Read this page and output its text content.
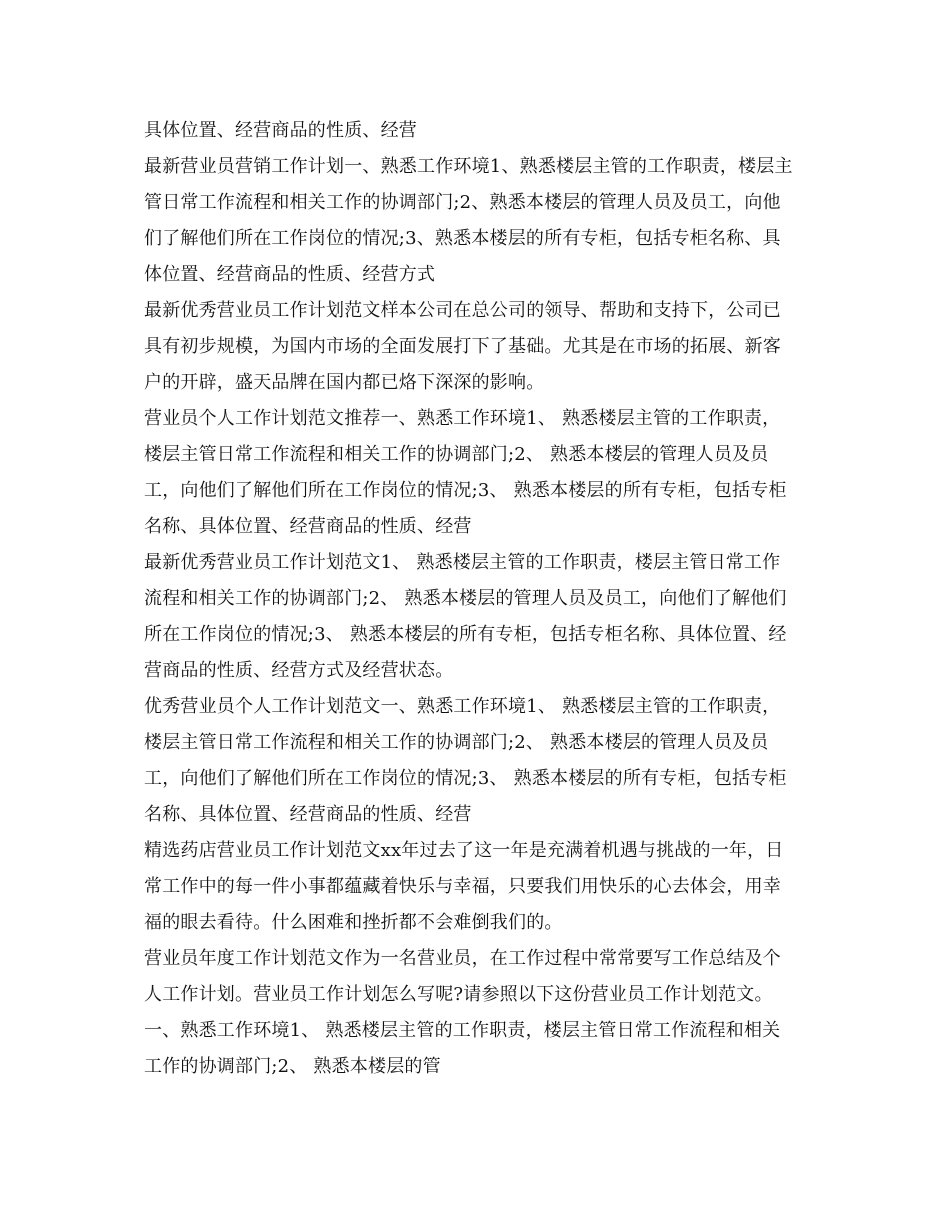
具体位置、经营商品的性质、经营
最新营业员营销工作计划一、熟悉工作环境1、熟悉楼层主管的工作职责，楼层主
管日常工作流程和相关工作的协调部门;2、熟悉本楼层的管理人员及员工，向他
们了解他们所在工作岗位的情况;3、熟悉本楼层的所有专柜，包括专柜名称、具
体位置、经营商品的性质、经营方式
最新优秀营业员工作计划范文样本公司在总公司的领导、帮助和支持下，公司已
具有初步规模，为国内市场的全面发展打下了基础。尤其是在市场的拓展、新客
户的开辟，盛天品牌在国内都已烙下深深的影响。
营业员个人工作计划范文推荐一、熟悉工作环境1、 熟悉楼层主管的工作职责，
楼层主管日常工作流程和相关工作的协调部门;2、 熟悉本楼层的管理人员及员
工，向他们了解他们所在工作岗位的情况;3、 熟悉本楼层的所有专柜，包括专柜
名称、具体位置、经营商品的性质、经营
最新优秀营业员工作计划范文1、 熟悉楼层主管的工作职责，楼层主管日常工作
流程和相关工作的协调部门;2、 熟悉本楼层的管理人员及员工，向他们了解他们
所在工作岗位的情况;3、 熟悉本楼层的所有专柜，包括专柜名称、具体位置、经
营商品的性质、经营方式及经营状态。
优秀营业员个人工作计划范文一、熟悉工作环境1、 熟悉楼层主管的工作职责，
楼层主管日常工作流程和相关工作的协调部门;2、 熟悉本楼层的管理人员及员
工，向他们了解他们所在工作岗位的情况;3、 熟悉本楼层的所有专柜，包括专柜
名称、具体位置、经营商品的性质、经营
精选药店营业员工作计划范文xx年过去了这一年是充满着机遇与挑战的一年，日
常工作中的每一件小事都蕴藏着快乐与幸福，只要我们用快乐的心去体会，用幸
福的眼去看待。什么困难和挫折都不会难倒我们的。
营业员年度工作计划范文作为一名营业员，在工作过程中常常要写工作总结及个
人工作计划。营业员工作计划怎么写呢?请参照以下这份营业员工作计划范文。
一、熟悉工作环境1、 熟悉楼层主管的工作职责，楼层主管日常工作流程和相关
工作的协调部门;2、 熟悉本楼层的管
